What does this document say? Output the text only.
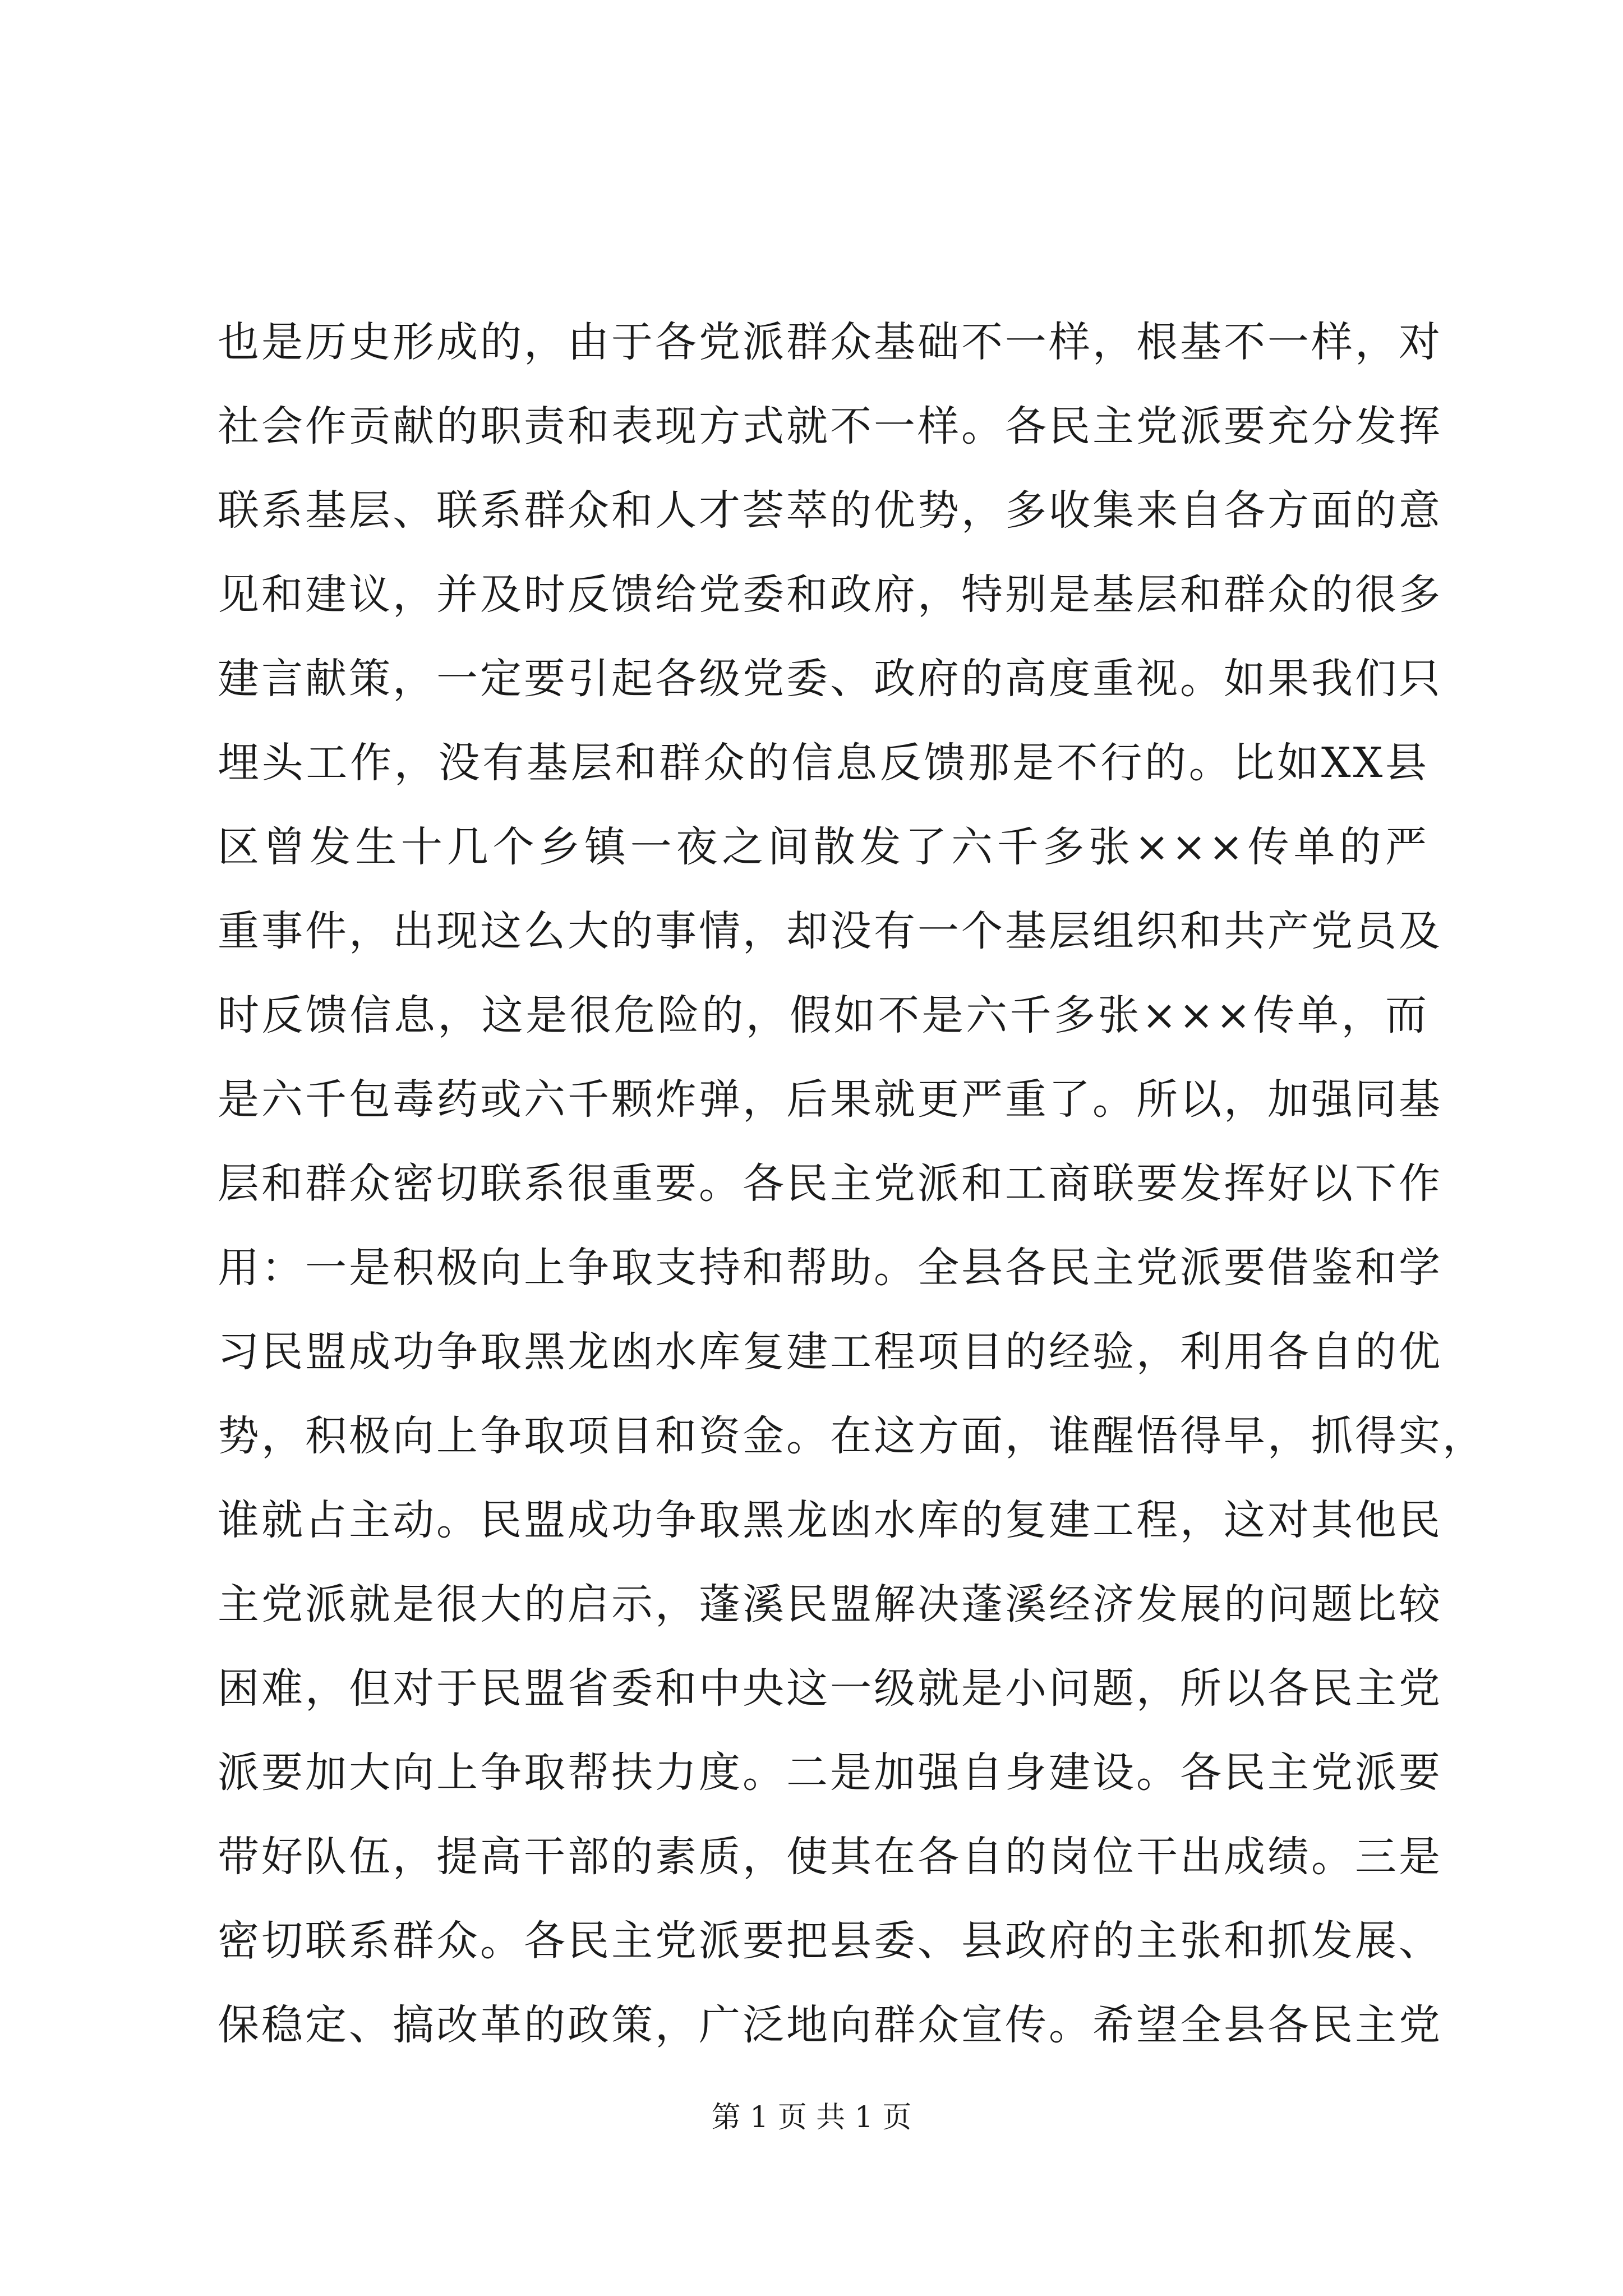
也是历史形成的，由于各党派群众基础不一样，根基不一样，对
社会作贡献的职责和表现方式就不一样。各民主党派要充分发挥
联系基层、联系群众和人才荟萃的优势，多收集来自各方面的意
见和建议，并及时反馈给党委和政府，特别是基层和群众的很多
建言献策，一定要引起各级党委、政府的高度重视。如果我们只
埋头工作，没有基层和群众的信息反馈那是不行的。比如XX县
区曾发生十几个乡镇一夜之间散发了六千多张×××传单的严
重事件，出现这么大的事情，却没有一个基层组织和共产党员及
时反馈信息，这是很危险的，假如不是六千多张×××传单，而
是六千包毒药或六千颗炸弹，后果就更严重了。所以，加强同基
层和群众密切联系很重要。各民主党派和工商联要发挥好以下作
用：一是积极向上争取支持和帮助。全县各民主党派要借鉴和学
习民盟成功争取黑龙凼水库复建工程项目的经验，利用各自的优
势，积极向上争取项目和资金。在这方面，谁醒悟得早，抓得实，
谁就占主动。民盟成功争取黑龙凼水库的复建工程，这对其他民
主党派就是很大的启示，蓬溪民盟解决蓬溪经济发展的问题比较
困难，但对于民盟省委和中央这一级就是小问题，所以各民主党
派要加大向上争取帮扶力度。二是加强自身建设。各民主党派要
带好队伍，提高干部的素质，使其在各自的岗位干出成绩。三是
密切联系群众。各民主党派要把县委、县政府的主张和抓发展、
保稳定、搞改革的政策，广泛地向群众宣传。希望全县各民主党
第 1 页 共 1 页
